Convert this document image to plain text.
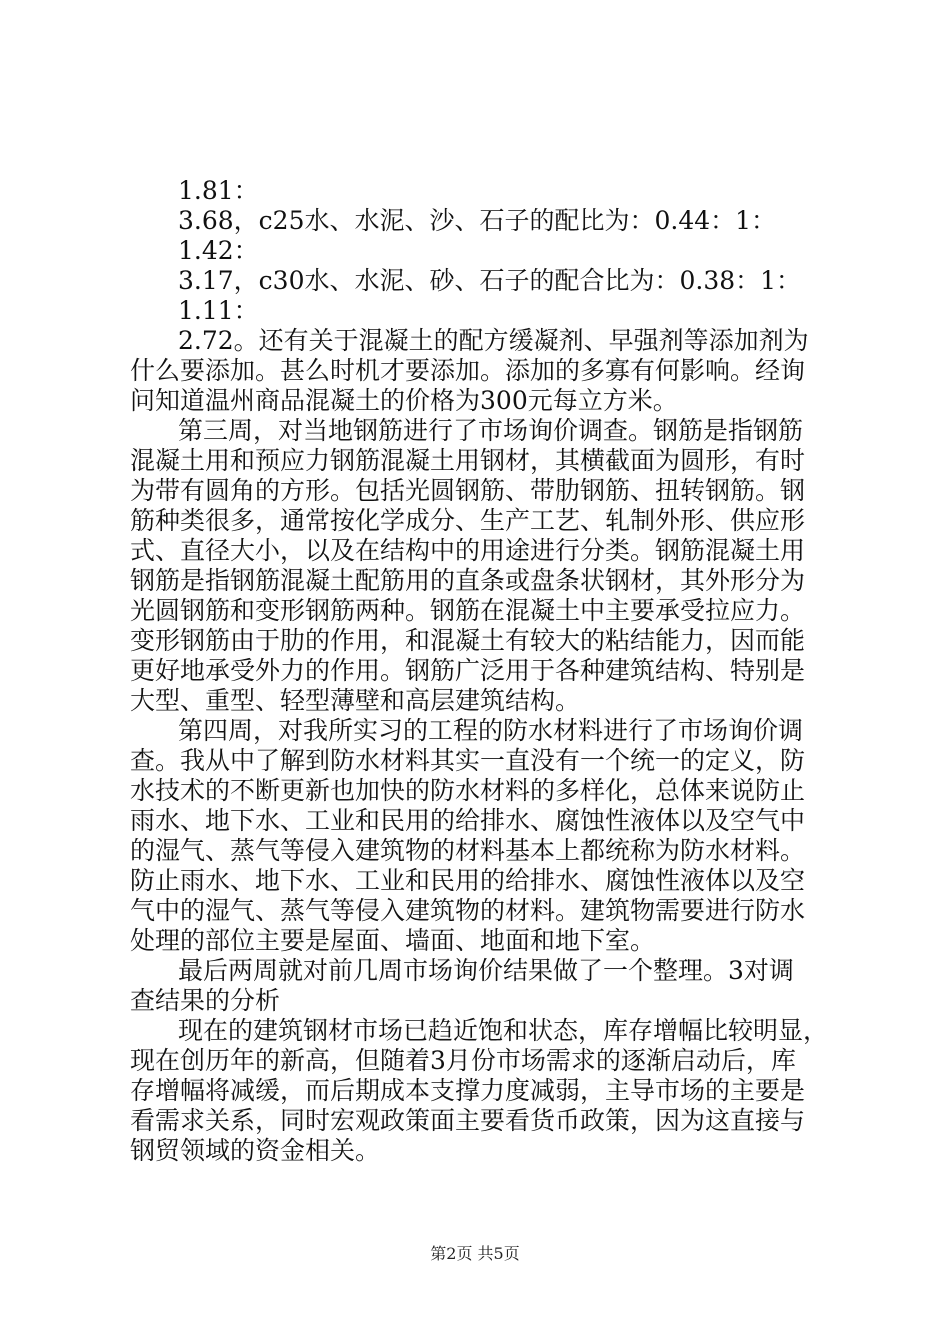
1.81：
3.68，c25水、水泥、沙、石子的配比为：0.44：1：
1.42：
3.17，c30水、水泥、砂、石子的配合比为：0.38：1：
1.11：
2.72。还有关于混凝土的配方缓凝剂、早强剂等添加剂为
什么要添加。甚么时机才要添加。添加的多寡有何影响。经询
问知道温州商品混凝土的价格为300元每立方米。
第三周，对当地钢筋进行了市场询价调查。钢筋是指钢筋
混凝土用和预应力钢筋混凝土用钢材，其横截面为圆形，有时
为带有圆角的方形。包括光圆钢筋、带肋钢筋、扭转钢筋。钢
筋种类很多，通常按化学成分、生产工艺、轧制外形、供应形
式、直径大小，以及在结构中的用途进行分类。钢筋混凝土用
钢筋是指钢筋混凝土配筋用的直条或盘条状钢材，其外形分为
光圆钢筋和变形钢筋两种。钢筋在混凝土中主要承受拉应力。
变形钢筋由于肋的作用，和混凝土有较大的粘结能力，因而能
更好地承受外力的作用。钢筋广泛用于各种建筑结构、特别是
大型、重型、轻型薄壁和高层建筑结构。
第四周，对我所实习的工程的防水材料进行了市场询价调
查。我从中了解到防水材料其实一直没有一个统一的定义，防
水技术的不断更新也加快的防水材料的多样化，总体来说防止
雨水、地下水、工业和民用的给排水、腐蚀性液体以及空气中
的湿气、蒸气等侵入建筑物的材料基本上都统称为防水材料。
防止雨水、地下水、工业和民用的给排水、腐蚀性液体以及空
气中的湿气、蒸气等侵入建筑物的材料。建筑物需要进行防水
处理的部位主要是屋面、墙面、地面和地下室。
最后两周就对前几周市场询价结果做了一个整理。3对调
查结果的分析
现在的建筑钢材市场已趋近饱和状态，库存增幅比较明显，
现在创历年的新高，但随着3月份市场需求的逐渐启动后，库
存增幅将减缓，而后期成本支撑力度减弱，主导市场的主要是
看需求关系，同时宏观政策面主要看货币政策，因为这直接与
钢贸领域的资金相关。
第2页 共5页
